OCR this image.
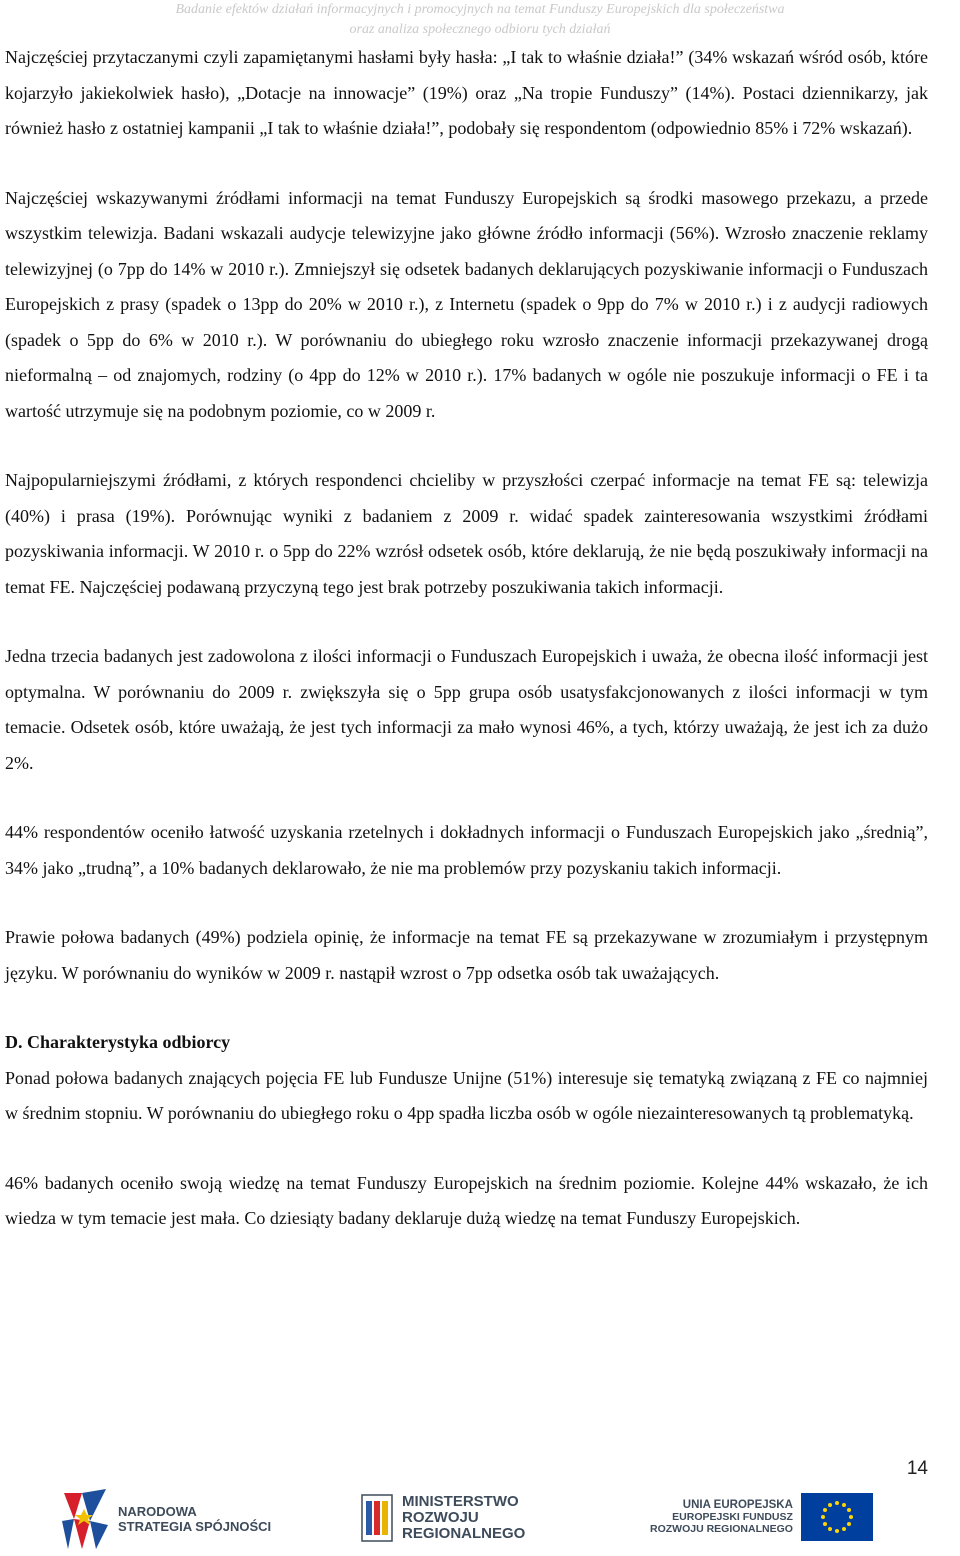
Badanie efektów działań informacyjnych i promocyjnych na temat Funduszy Europejskich dla społeczeństwa
oraz analiza społecznego odbioru tych działań

Najczęściej przytaczanymi czyli zapamiętanymi hasłami były hasła: „I tak to właśnie działa!” (34% wskazań wśród osób, które kojarzyło jakiekolwiek hasło), „Dotacje na innowacje” (19%) oraz „Na tropie Funduszy” (14%). Postaci dziennikarzy, jak również hasło z ostatniej kampanii „I tak to właśnie działa!”, podobały się respondentom (odpowiednio 85% i 72% wskazań).

Najczęściej wskazywanymi źródłami informacji na temat Funduszy Europejskich są środki masowego przekazu, a przede wszystkim telewizja. Badani wskazali audycje telewizyjne jako główne źródło informacji (56%). Wzrosło znaczenie reklamy telewizyjnej (o 7pp do 14% w 2010 r.). Zmniejszył się odsetek badanych deklarujących pozyskiwanie informacji o Funduszach Europejskich z prasy (spadek o 13pp do 20% w 2010 r.), z Internetu (spadek o 9pp do 7% w 2010 r.) i z audycji radiowych (spadek o 5pp do 6% w 2010 r.). W porównaniu do ubiegłego roku wzrosło znaczenie informacji przekazywanej drogą nieformalną – od znajomych, rodziny (o 4pp do 12% w 2010 r.). 17% badanych w ogóle nie poszukuje informacji o FE i ta wartość utrzymuje się na podobnym poziomie, co w 2009 r.

Najpopularniejszymi źródłami, z których respondenci chcieliby w przyszłości czerpać informacje na temat FE są: telewizja (40%) i prasa (19%). Porównując wyniki z badaniem z 2009 r. widać spadek zainteresowania wszystkimi źródłami pozyskiwania informacji. W 2010 r. o 5pp do 22% wzrósł odsetek osób, które deklarują, że nie będą poszukiwały informacji na temat FE. Najczęściej podawaną przyczyną tego jest brak potrzeby poszukiwania takich informacji.

Jedna trzecia badanych jest zadowolona z ilości informacji o Funduszach Europejskich i uważa, że obecna ilość informacji jest optymalna. W porównaniu do 2009 r. zwiększyła się o 5pp grupa osób usatysfakcjonowanych z ilości informacji w tym temacie. Odsetek osób, które uważają, że jest tych informacji za mało wynosi 46%, a tych, którzy uważają, że jest ich za dużo 2%.

44% respondentów oceniło łatwość uzyskania rzetelnych i dokładnych informacji o Funduszach Europejskich jako „średnią”, 34% jako „trudną”, a 10% badanych deklarowało, że nie ma problemów przy pozyskaniu takich informacji.

Prawie połowa badanych (49%) podziela opinię, że informacje na temat FE są przekazywane w zrozumiałym i przystępnym języku. W porównaniu do wyników w 2009 r. nastąpił wzrost o 7pp odsetka osób tak uważających.

D. Charakterystyka odbiorcy

Ponad połowa badanych znających pojęcia FE lub Fundusze Unijne (51%) interesuje się tematyką związaną z FE co najmniej w średnim stopniu. W porównaniu do ubiegłego roku o 4pp spadła liczba osób w ogóle niezainteresowanych tą problematyką.

46% badanych oceniło swoją wiedzę na temat Funduszy Europejskich na średnim poziomie. Kolejne 44% wskazało, że ich wiedza w tym temacie jest mała. Co dziesiąty badany deklaruje dużą wiedzę na temat Funduszy Europejskich.

14
NARODOWA
STRATEGIA SPÓJNOŚCI
MINISTERSTWO
ROZWOJU
REGIONALNEGO
UNIA EUROPEJSKA
EUROPEJSKI FUNDUSZ
ROZWOJU REGIONALNEGO
